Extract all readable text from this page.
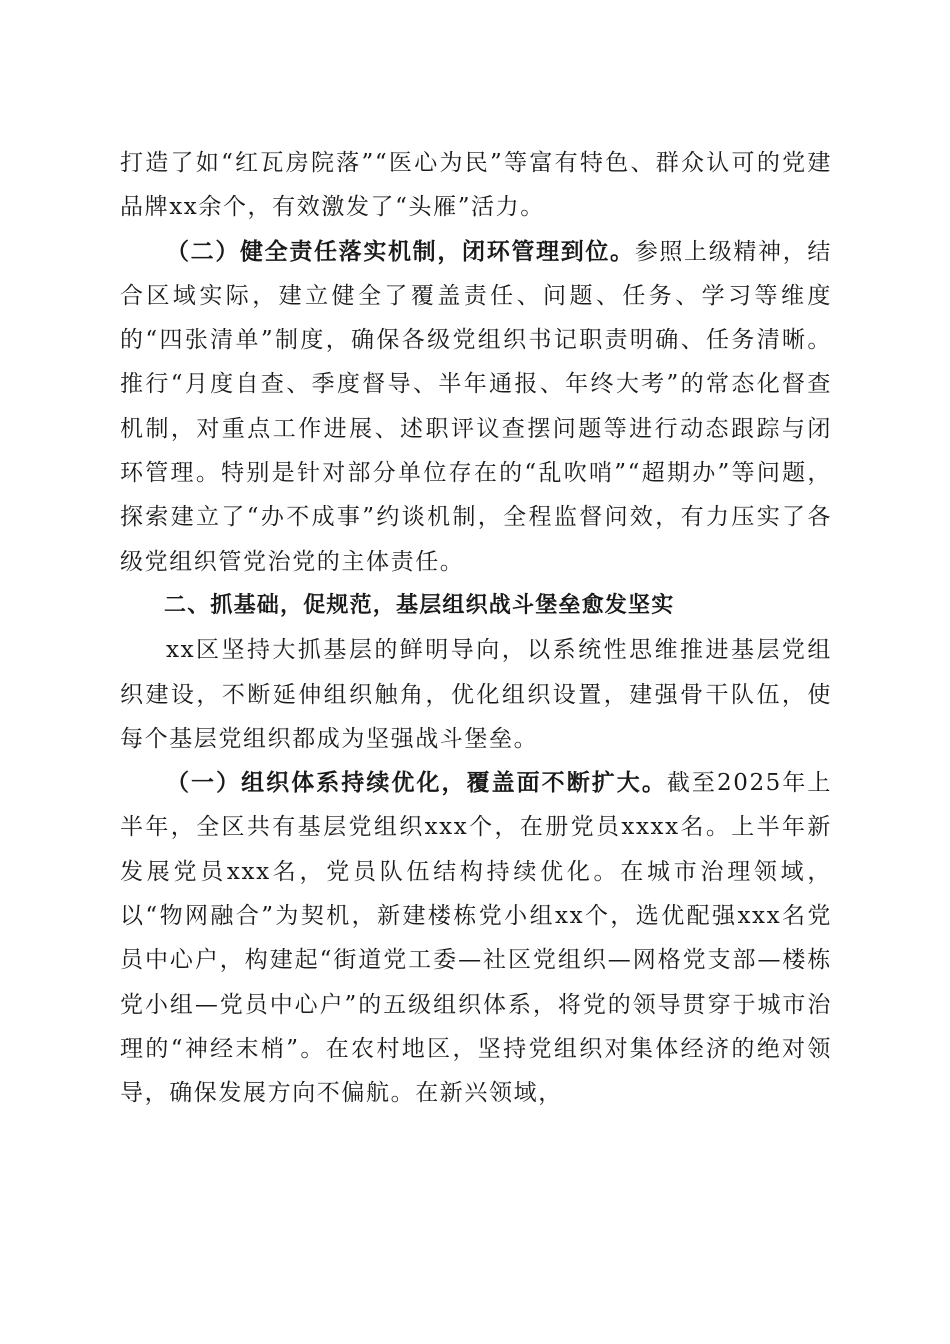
打造了如“红瓦房院落”“医心为民”等富有特色、群众认可的党建品牌xx余个，有效激发了“头雁”活力。

（二）健全责任落实机制，闭环管理到位。参照上级精神，结合区域实际，建立健全了覆盖责任、问题、任务、学习等维度的“四张清单”制度，确保各级党组织书记职责明确、任务清晰。推行“月度自查、季度督导、半年通报、年终大考”的常态化督查机制，对重点工作进展、述职评议查摆问题等进行动态跟踪与闭环管理。特别是针对部分单位存在的“乱吹哨”“超期办”等问题，探索建立了“办不成事”约谈机制，全程监督问效，有力压实了各级党组织管党治党的主体责任。

二、抓基础，促规范，基层组织战斗堡垒愈发坚实

xx区坚持大抓基层的鲜明导向，以系统性思维推进基层党组织建设，不断延伸组织触角，优化组织设置，建强骨干队伍，使每个基层党组织都成为坚强战斗堡垒。

（一）组织体系持续优化，覆盖面不断扩大。截至2025年上半年，全区共有基层党组织xxx个，在册党员xxxx名。上半年新发展党员xxx名，党员队伍结构持续优化。在城市治理领域，以“物网融合”为契机，新建楼栋党小组xx个，选优配强xxx名党员中心户，构建起“街道党工委—社区党组织—网格党支部—楼栋党小组—党员中心户”的五级组织体系，将党的领导贯穿于城市治理的“神经末梢”。在农村地区，坚持党组织对集体经济的绝对领导，确保发展方向不偏航。在新兴领域，
